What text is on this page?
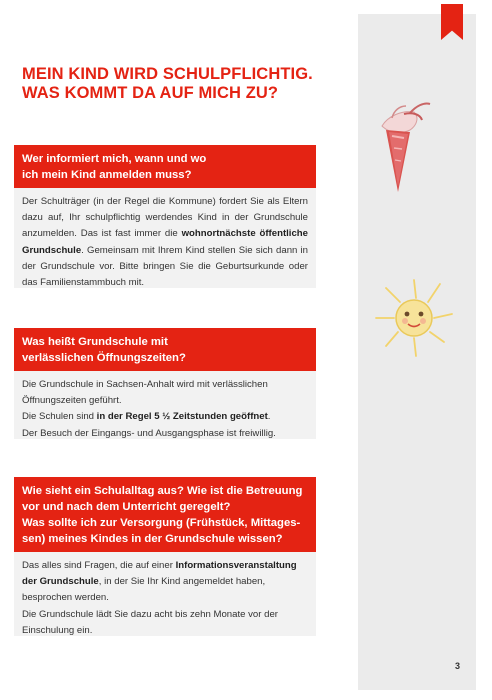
MEIN KIND WIRD SCHULPFLICHTIG.
WAS KOMMT DA AUF MICH ZU?
Wer informiert mich, wann und wo
ich mein Kind anmelden muss?

Der Schulträger (in der Regel die Kommune) fordert Sie als Eltern dazu auf, Ihr schulpflichtig werdendes Kind in der Grundschule anzumelden. Das ist fast immer die wohnortnächste öffentliche Grundschule. Gemeinsam mit Ihrem Kind stellen Sie sich dann in der Grundschule vor. Bitte bringen Sie die Geburtsurkunde oder das Familienstammbuch mit.

Was heißt Grundschule mit
verlässlichen Öffnungszeiten?

Die Grundschule in Sachsen-Anhalt wird mit verlässlichen Öffnungszeiten geführt.

Die Schulen sind in der Regel 5 ½ Zeitstunden geöffnet.

Der Besuch der Eingangs- und Ausgangsphase ist freiwillig.

Wie sieht ein Schulalltag aus? Wie ist die Betreuung
vor und nach dem Unterricht geregelt?
Was sollte ich zur Versorgung (Frühstück, Mittages-
sen) meines Kindes in der Grundschule wissen?

Das alles sind Fragen, die auf einer Informationsveranstaltung der Grundschule, in der Sie Ihr Kind angemeldet haben, besprochen werden.

Die Grundschule lädt Sie dazu acht bis zehn Monate vor der Einschulung ein.

3
